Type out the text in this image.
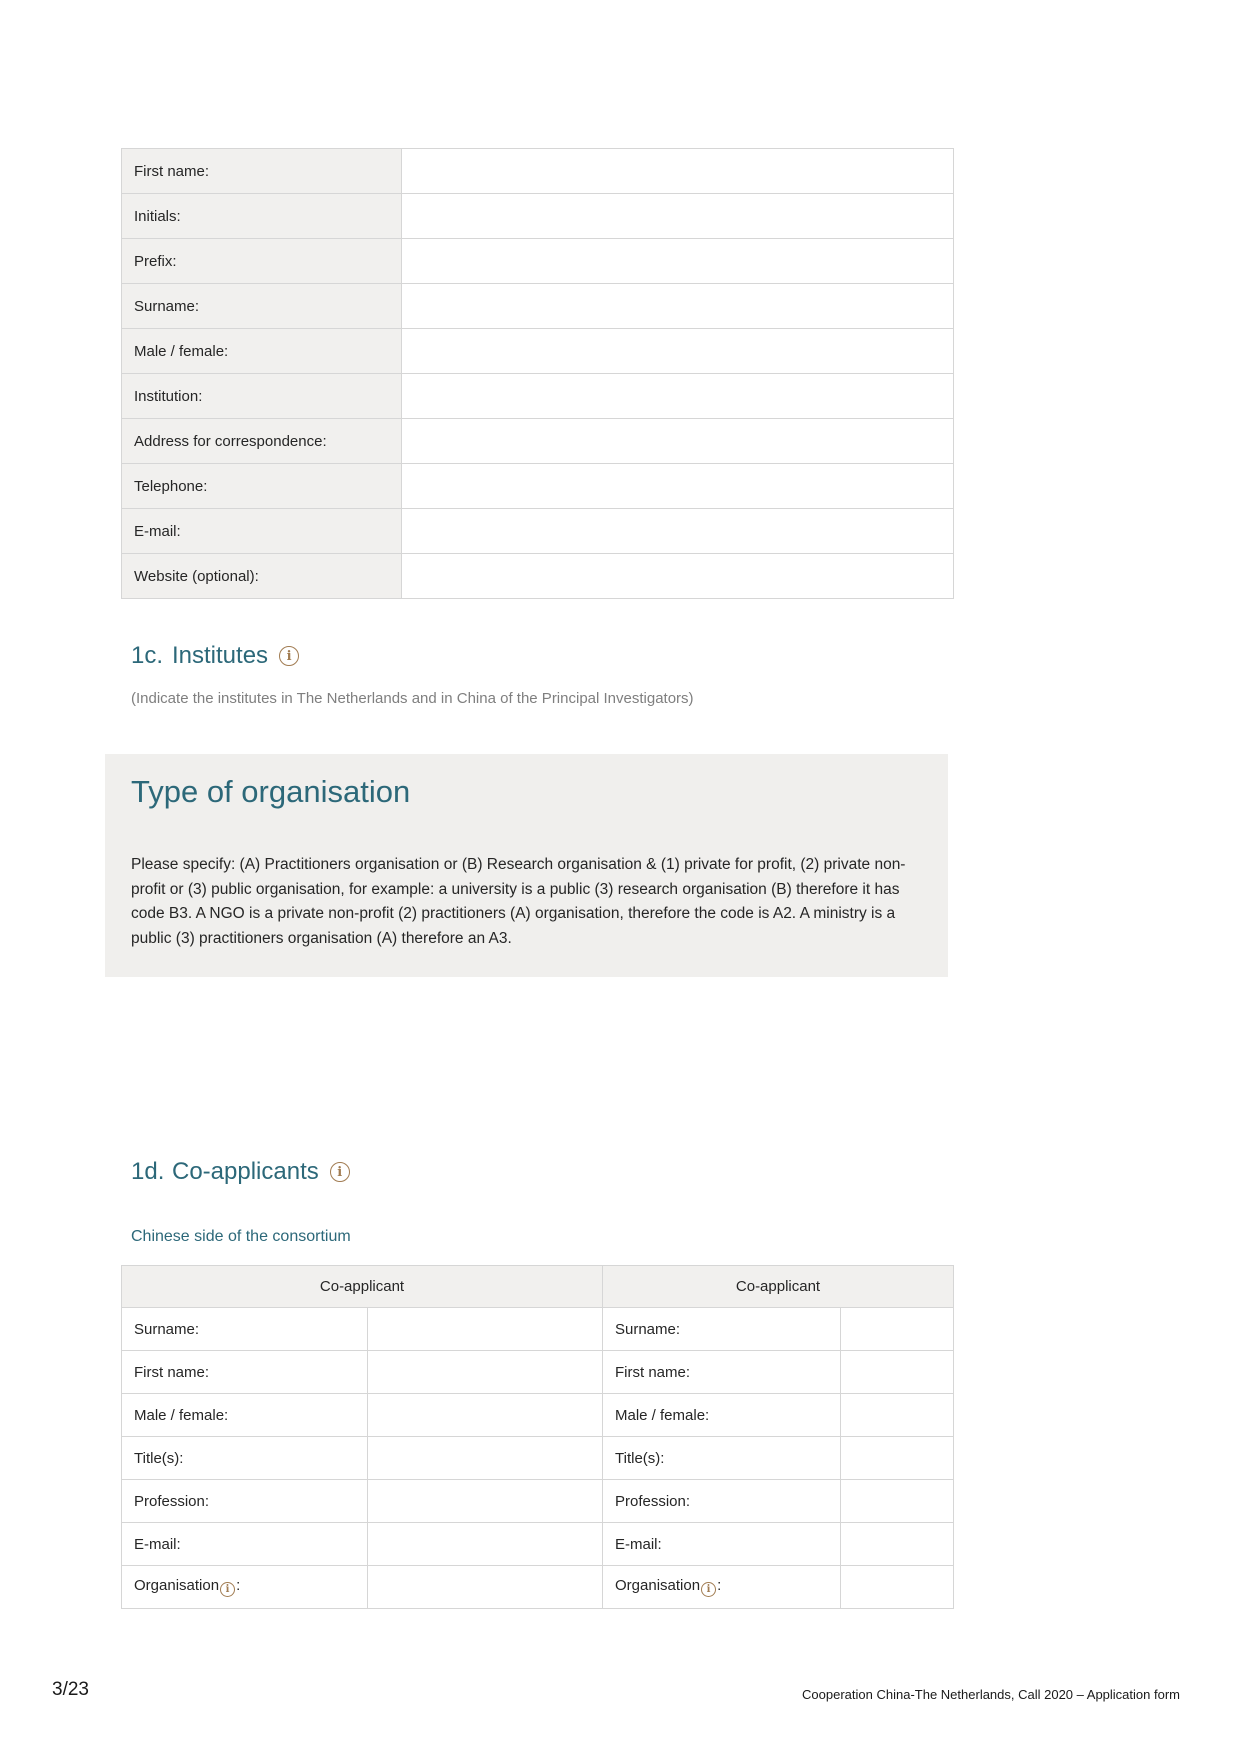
First name:	
Initials:	
Prefix:	
Surname:	
Male / female:	
Institution:	
Address for correspondence:	
Telephone:	
E-mail:	
Website (optional):	
1c. Institutes	i
(Indicate the institutes in The Netherlands and in China of the Principal Investigators)
Type of organisation
Please specify: (A) Practitioners organisation or (B) Research organisation & (1) private for profit, (2) private non-profit or (3) public organisation, for example: a university is a public (3) research organisation (B) therefore it has code B3. A NGO is a private non-profit (2) practitioners (A) organisation, therefore the code is A2. A ministry is a public (3) practitioners organisation (A) therefore an A3.
1d. Co-applicants	i
Chinese side of the consortium
Co-applicant		Co-applicant	
Surname:		Surname:	
First name:		First name:	
Male / female:		Male / female:	
Title(s):		Title(s):	
Profession:		Profession:	
E-mail:		E-mail:	
Organisation i :		Organisation i :	
3/23	Cooperation China-The Netherlands, Call 2020 – Application form
